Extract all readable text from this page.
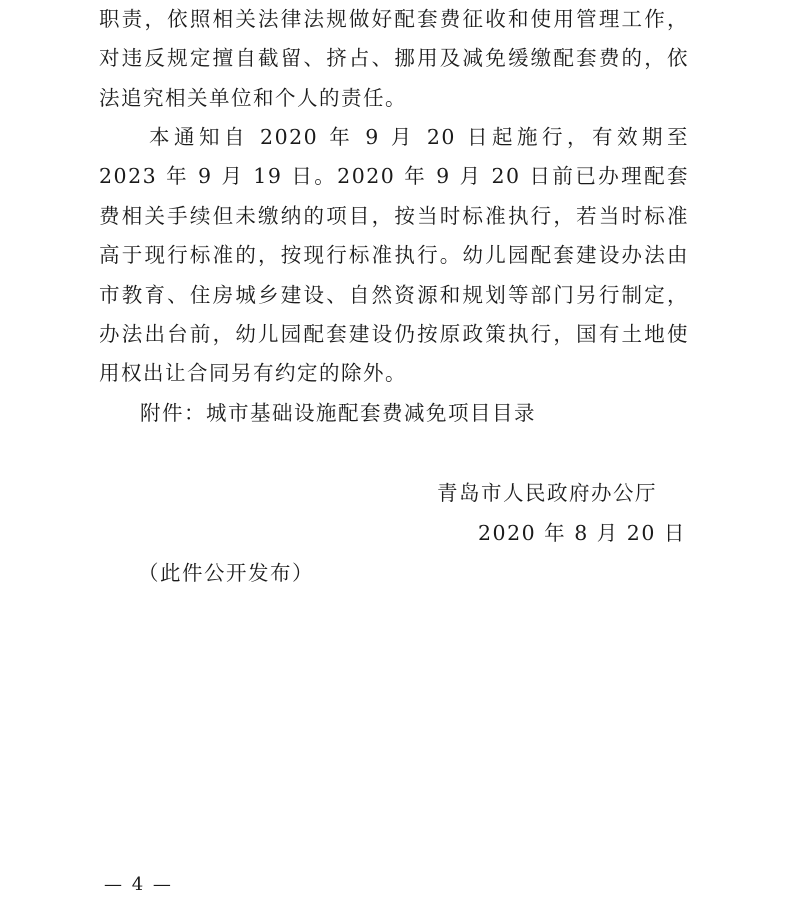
职责，依照相关法律法规做好配套费征收和使用管理工作，对违反规定擅自截留、挤占、挪用及减免缓缴配套费的，依法追究相关单位和个人的责任。

　　本通知自 2020 年 9 月 20 日起施行，有效期至 2023 年 9 月 19 日。2020 年 9 月 20 日前已办理配套费相关手续但未缴纳的项目，按当时标准执行，若当时标准高于现行标准的，按现行标准执行。幼儿园配套建设办法由市教育、住房城乡建设、自然资源和规划等部门另行制定，办法出台前，幼儿园配套建设仍按原政策执行，国有土地使用权出让合同另有约定的除外。

附件：城市基础设施配套费减免项目目录
青岛市人民政府办公厅
2020 年 8 月 20 日
（此件公开发布）
— 4 —
